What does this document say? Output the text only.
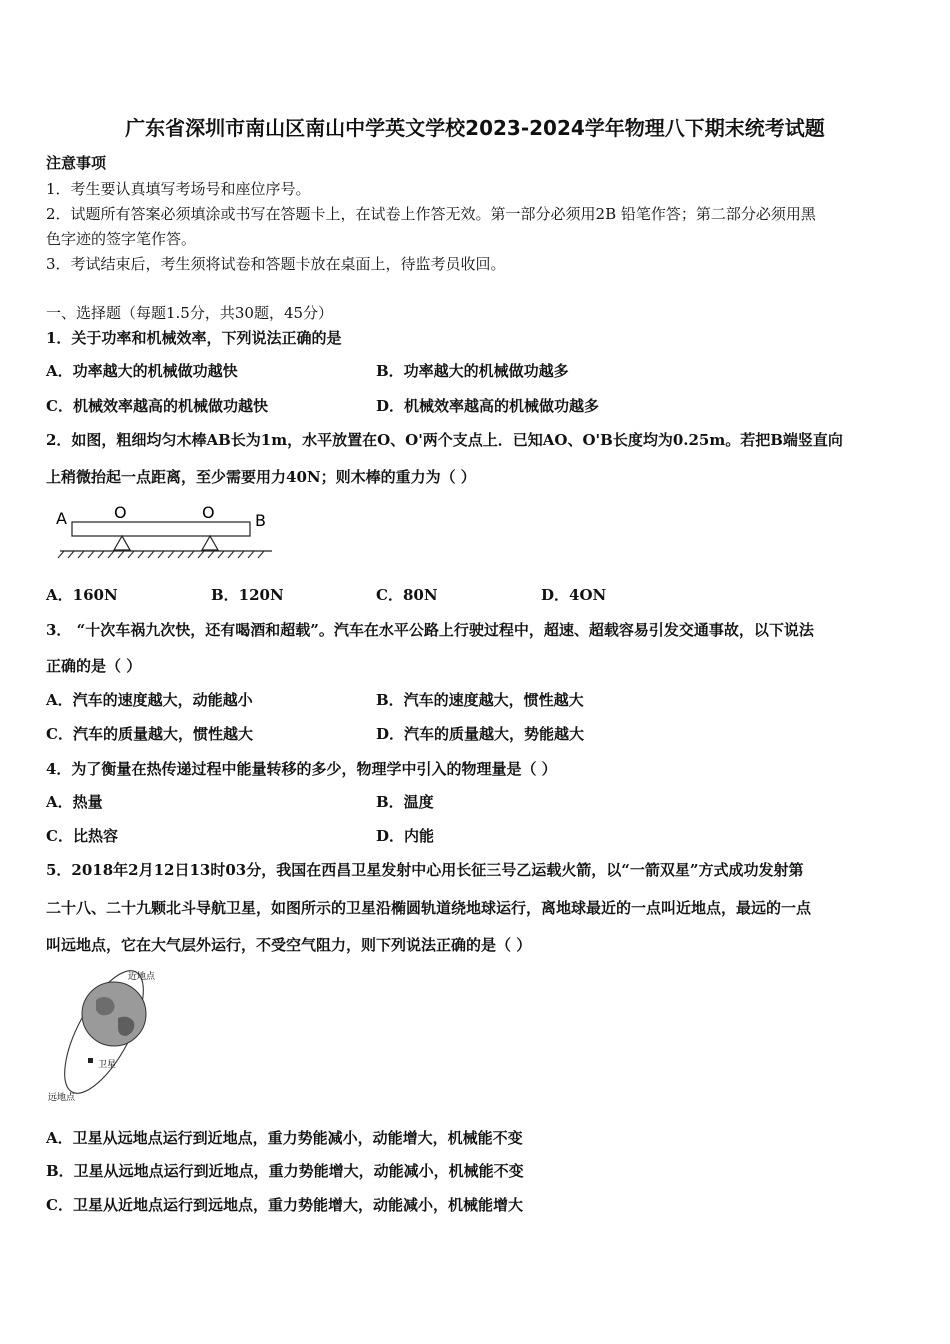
广东省深圳市南山区南山中学英文学校2023-2024学年物理八下期末统考试题
注意事项
1．考生要认真填写考场号和座位序号。
2．试题所有答案必须填涂或书写在答题卡上，在试卷上作答无效。第一部分必须用2B 铅笔作答；第二部分必须用黑
色字迹的签字笔作答。
3．考试结束后，考生须将试卷和答题卡放在桌面上，待监考员收回。
一、选择题（每题1.5分，共30题，45分）
1．关于功率和机械效率，下列说法正确的是
A．功率越大的机械做功越快	B．功率越大的机械做功越多
C．机械效率越高的机械做功越快	D．机械效率越高的机械做功越多
2．如图，粗细均匀木棒AB长为1m，水平放置在O、O'两个支点上．已知AO、O'B长度均为0.25m。若把B端竖直向
上稍微抬起一点距离，至少需要用力40N；则木棒的重力为（ ）
A	O	O	B
A．160N	B．120N	C．80N	D．4ON
3． “十次车祸九次快，还有喝酒和超载”。汽车在水平公路上行驶过程中，超速、超载容易引发交通事故，以下说法
正确的是（ ）
A．汽车的速度越大，动能越小	B．汽车的速度越大，惯性越大
C．汽车的质量越大，惯性越大	D．汽车的质量越大，势能越大
4．为了衡量在热传递过程中能量转移的多少，物理学中引入的物理量是（ ）
A．热量	B．温度
C．比热容	D．内能
5．2018年2月12日13时03分，我国在西昌卫星发射中心用长征三号乙运载火箭，以“一箭双星”方式成功发射第
二十八、二十九颗北斗导航卫星，如图所示的卫星沿椭圆轨道绕地球运行，离地球最近的一点叫近地点，最远的一点
叫远地点，它在大气层外运行，不受空气阻力，则下列说法正确的是（ ）
近地点
卫星
远地点
A．卫星从远地点运行到近地点，重力势能减小，动能增大，机械能不变
B．卫星从远地点运行到近地点，重力势能增大，动能减小，机械能不变
C．卫星从近地点运行到远地点，重力势能增大，动能减小，机械能增大
